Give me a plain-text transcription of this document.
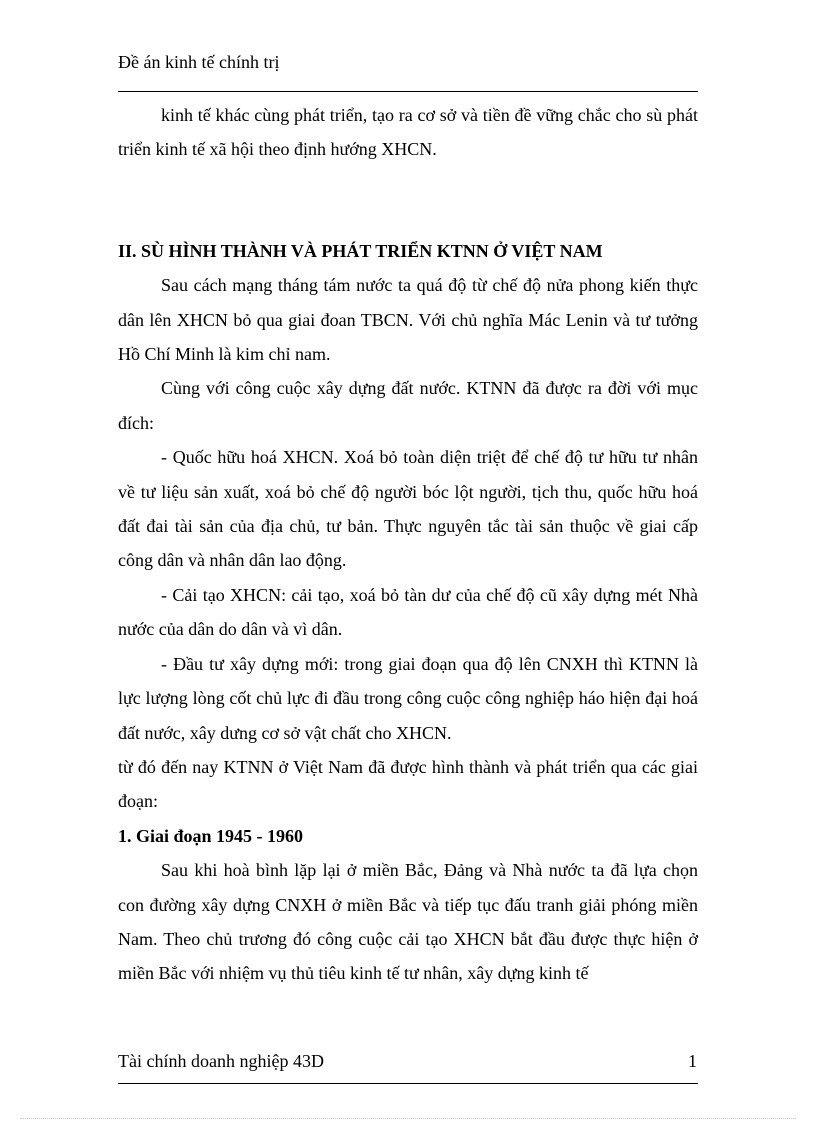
Đề án kinh tế chính trị

kinh tế khác cùng phát triển, tạo ra cơ sở và tiền đề vững chắc cho sù phát triển kinh tế xã hội theo định hướng XHCN.

II. SÙ HÌNH THÀNH VÀ PHÁT TRIỂN KTNN Ở VIỆT NAM

Sau cách mạng tháng tám nước ta quá độ từ chế độ nửa phong kiến thực dân lên XHCN bỏ qua giai đoan TBCN. Với chủ nghĩa Mác Lenin và tư tưởng Hồ Chí Minh là kim chỉ nam.

Cùng với công cuộc xây dựng đất nước. KTNN đã được ra đời với mục đích:

- Quốc hữu hoá XHCN. Xoá bỏ toàn diện triệt để chế độ tư hữu tư nhân về tư liệu sản xuất, xoá bỏ chế độ người bóc lột người, tịch thu, quốc hữu hoá đất đai tài sản của địa chủ, tư bản. Thực nguyên tắc tài sản thuộc về giai cấp công dân và nhân dân lao động.

- Cải tạo XHCN: cải tạo, xoá bỏ tàn dư của chế độ cũ xây dựng mét Nhà nước của dân do dân và vì dân.

- Đầu tư xây dựng mới: trong giai đoạn qua độ lên CNXH thì KTNN là lực lượng lòng cốt chủ lực đi đầu trong công cuộc công nghiệp háo hiện đại hoá đất nước, xây dưng cơ sở vật chất cho XHCN.

từ đó đến nay KTNN ở Việt Nam đã được hình thành và phát triển qua các giai đoạn:

1. Giai đoạn 1945 - 1960

Sau khi hoà bình lặp lại ở miền Bắc, Đảng và Nhà nước ta đã lựa chọn con đường xây dựng CNXH ở miền Bắc và tiếp tục đấu tranh giải phóng miền Nam. Theo chủ trương đó công cuộc cải tạo XHCN bắt đầu được thực hiện ở miền Bắc với nhiệm vụ thủ tiêu kinh tế tư nhân, xây dựng kinh tế

Tài chính doanh nghiệp 43D	1
